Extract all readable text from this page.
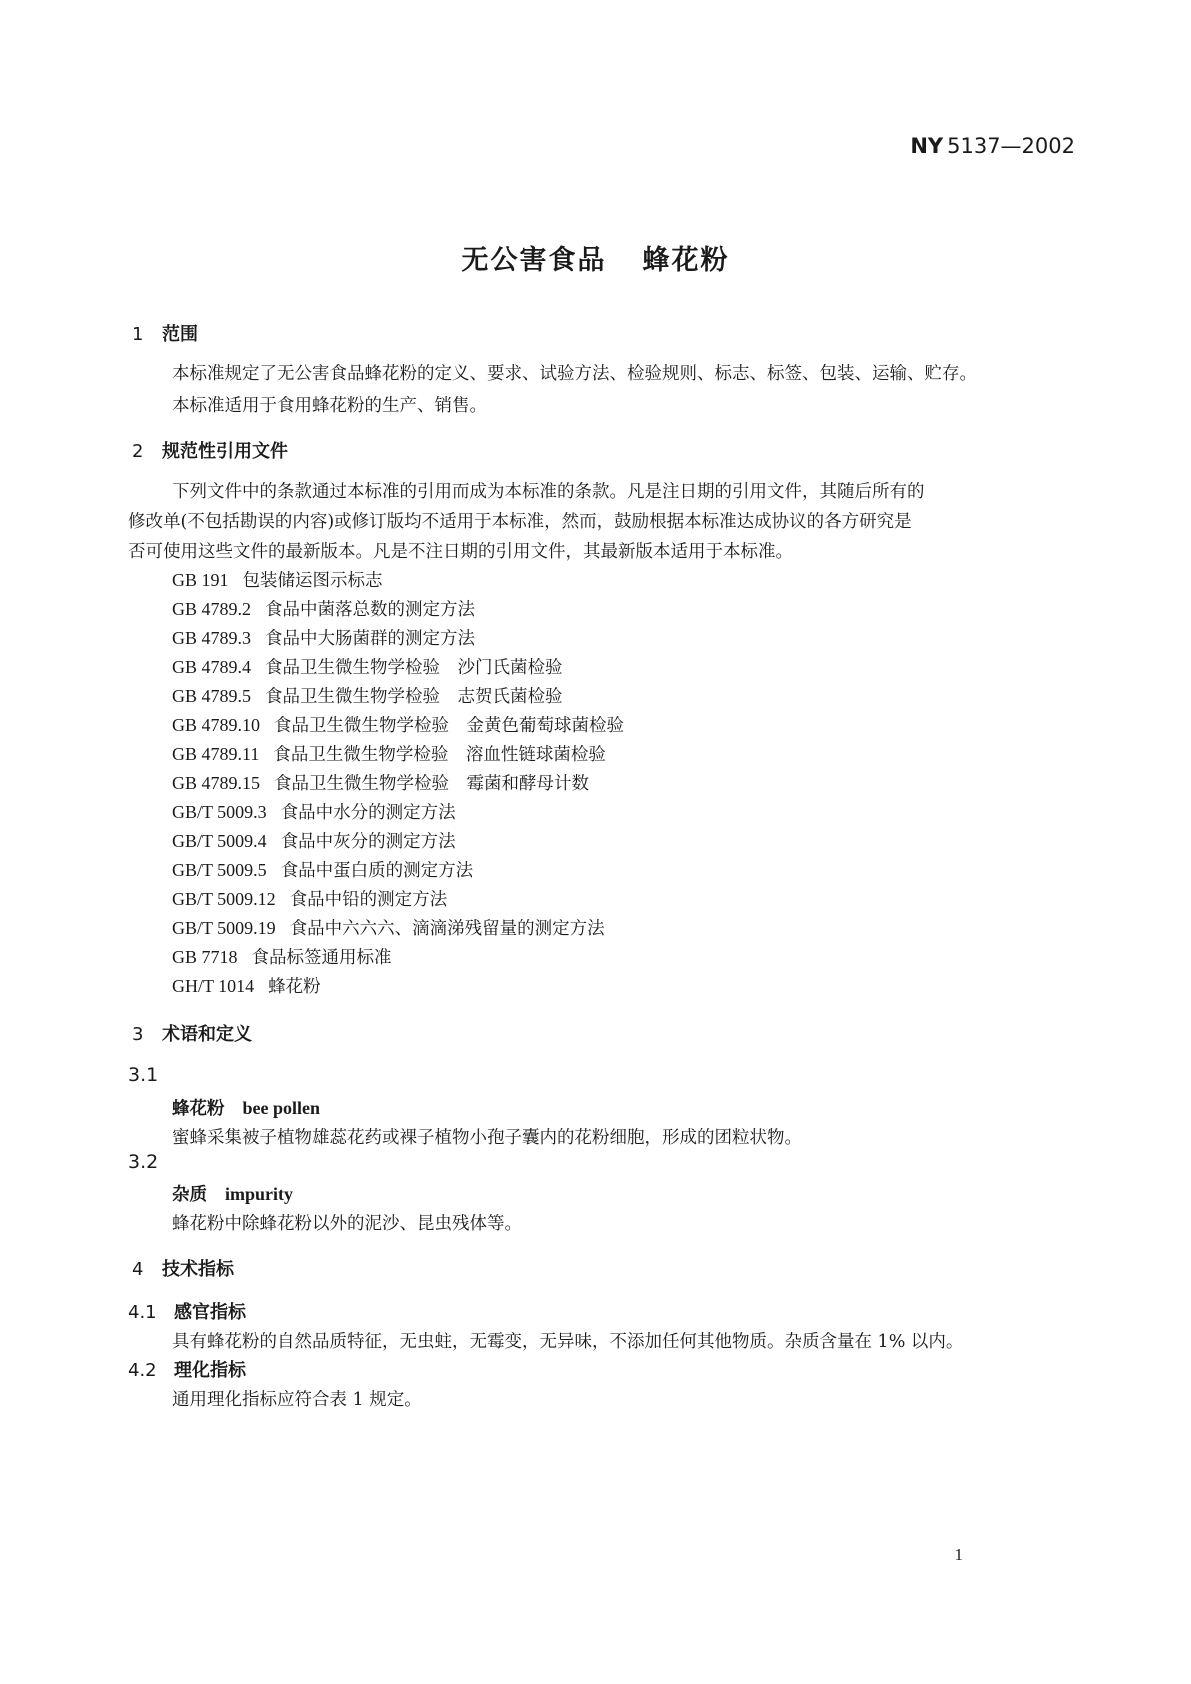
NY 5137—2002
无公害食品 蜂花粉
1 范围
本标准规定了无公害食品蜂花粉的定义、要求、试验方法、检验规则、标志、标签、包装、运输、贮存。
本标准适用于食用蜂花粉的生产、销售。
2 规范性引用文件
下列文件中的条款通过本标准的引用而成为本标准的条款。凡是注日期的引用文件，其随后所有的
修改单(不包括勘误的内容)或修订版均不适用于本标准，然而，鼓励根据本标准达成协议的各方研究是
否可使用这些文件的最新版本。凡是不注日期的引用文件，其最新版本适用于本标准。
GB 191 包装储运图示标志
GB 4789.2 食品中菌落总数的测定方法
GB 4789.3 食品中大肠菌群的测定方法
GB 4789.4 食品卫生微生物学检验　沙门氏菌检验
GB 4789.5 食品卫生微生物学检验　志贺氏菌检验
GB 4789.10 食品卫生微生物学检验　金黄色葡萄球菌检验
GB 4789.11 食品卫生微生物学检验　溶血性链球菌检验
GB 4789.15 食品卫生微生物学检验　霉菌和酵母计数
GB/T 5009.3 食品中水分的测定方法
GB/T 5009.4 食品中灰分的测定方法
GB/T 5009.5 食品中蛋白质的测定方法
GB/T 5009.12 食品中铅的测定方法
GB/T 5009.19 食品中六六六、滴滴涕残留量的测定方法
GB 7718 食品标签通用标准
GH/T 1014 蜂花粉
3 术语和定义
3.1
蜂花粉 bee pollen
蜜蜂采集被子植物雄蕊花药或裸子植物小孢子囊内的花粉细胞，形成的团粒状物。
3.2
杂质 impurity
蜂花粉中除蜂花粉以外的泥沙、昆虫残体等。
4 技术指标
4.1 感官指标
具有蜂花粉的自然品质特征，无虫蛀，无霉变，无异味，不添加任何其他物质。杂质含量在 1% 以内。
4.2 理化指标
通用理化指标应符合表 1 规定。
1
